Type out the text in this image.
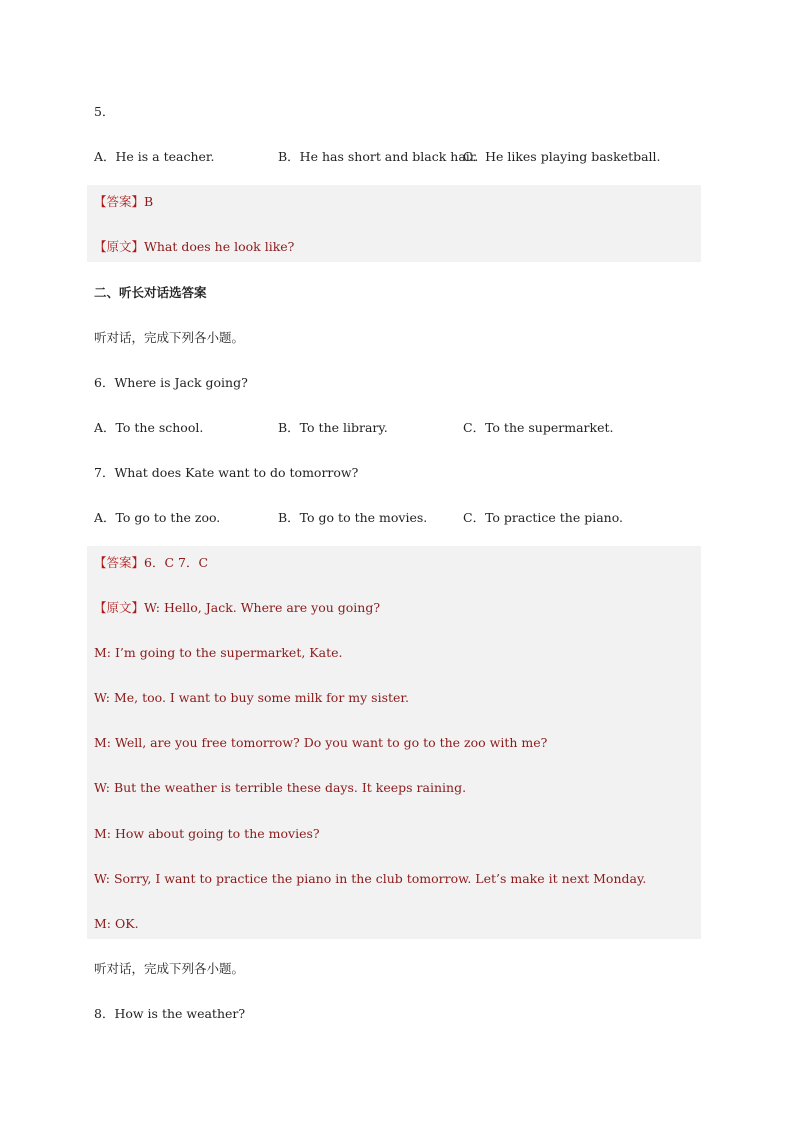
5．
A．He is a teacher.	B．He has short and black hair.
C．He likes playing basketball.
【答案】B
【原文】What does he look like?
二、听长对话选答案
听对话，完成下列各小题。
6．Where is Jack going?
A．To the school.	B．To the library.	C．To the supermarket.
7．What does Kate want to do tomorrow?
A．To go to the zoo.	B．To go to the movies.	C．To practice the piano.
【答案】6．C 7．C
【原文】W: Hello, Jack. Where are you going?
M: I’m going to the supermarket, Kate.
W: Me, too. I want to buy some milk for my sister.
M: Well, are you free tomorrow? Do you want to go to the zoo with me?
W: But the weather is terrible these days. It keeps raining.
M: How about going to the movies?
W: Sorry, I want to practice the piano in the club tomorrow. Let’s make it next Monday.
M: OK.
听对话，完成下列各小题。
8．How is the weather?
